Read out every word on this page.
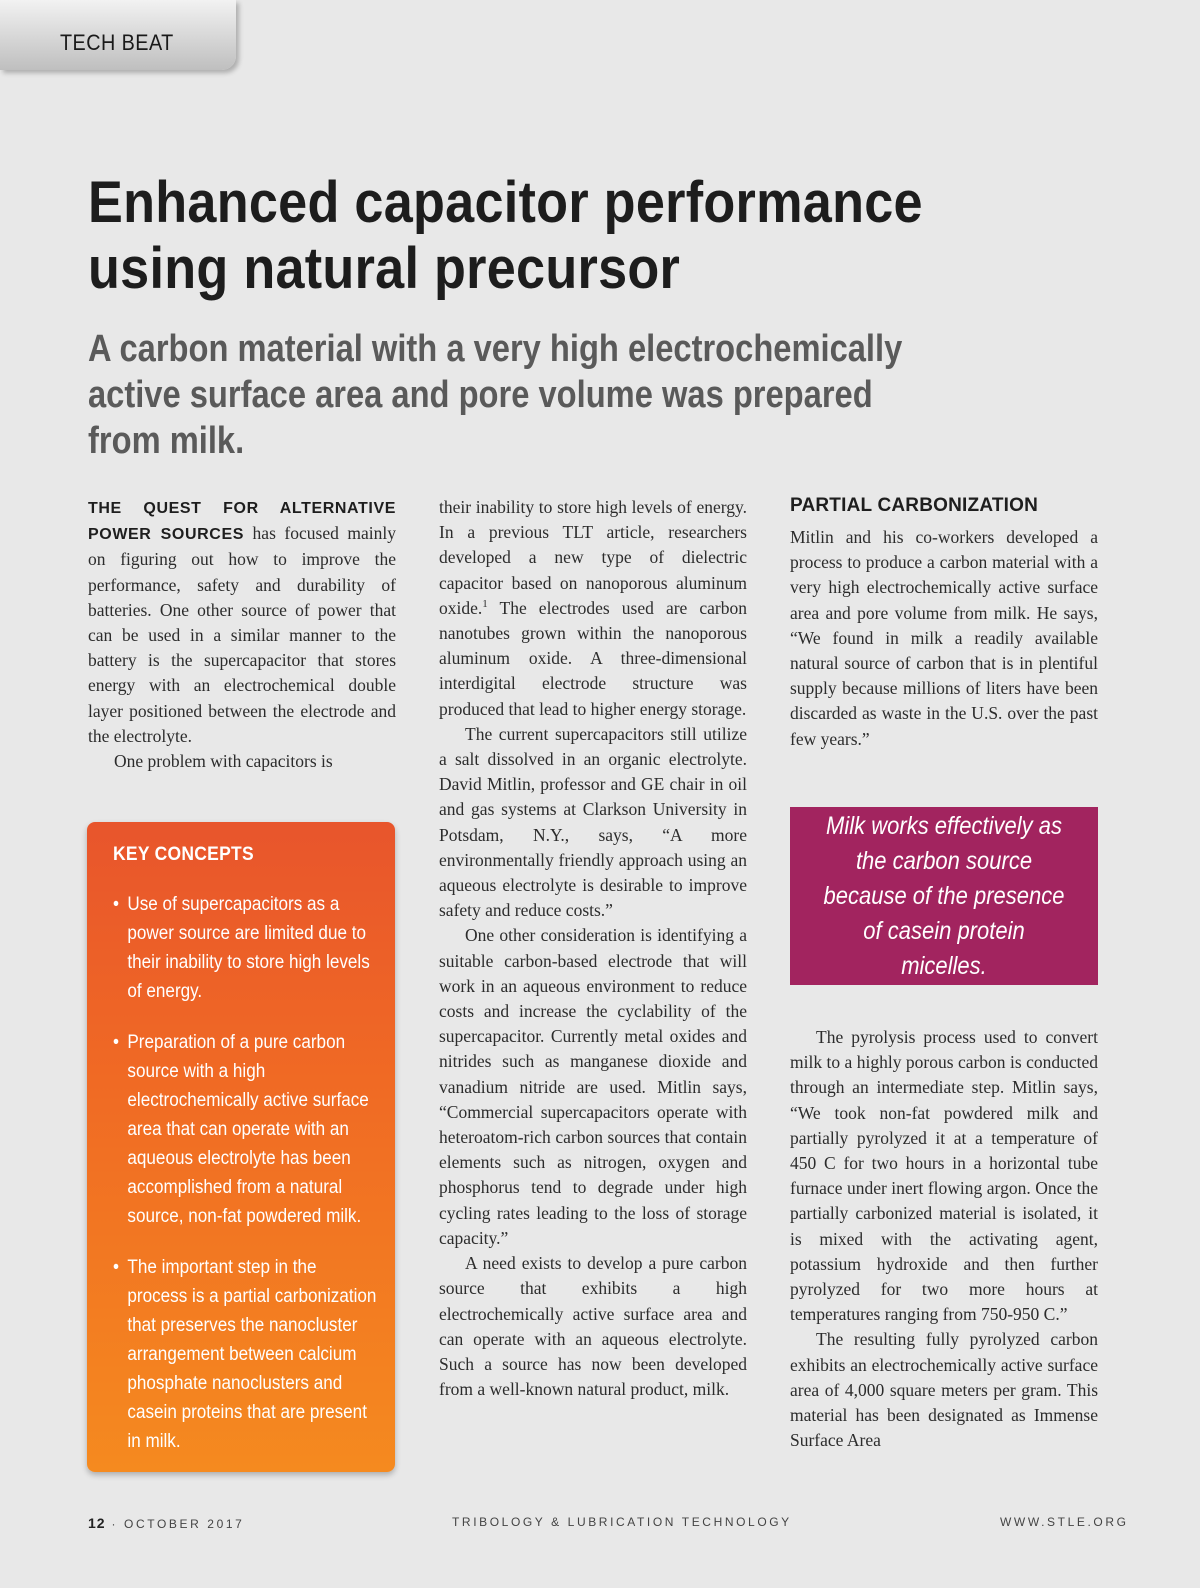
TECH BEAT
Enhanced capacitor performance using natural precursor
A carbon material with a very high electrochemically active surface area and pore volume was prepared from milk.

THE QUEST FOR ALTERNATIVE POWER SOURCES has focused mainly on figuring out how to improve the performance, safety and durability of batteries. One other source of power that can be used in a similar manner to the battery is the supercapacitor that stores energy with an electrochemical double layer positioned between the electrode and the electrolyte.

One problem with capacitors is

KEY CONCEPTS
• Use of supercapacitors as a power source are limited due to their inability to store high levels of energy.
• Preparation of a pure carbon source with a high electrochemically active surface area that can operate with an aqueous electrolyte has been accomplished from a natural source, non-fat powdered milk.
• The important step in the process is a partial carbonization that preserves the nanocluster arrangement between calcium phosphate nanoclusters and casein proteins that are present in milk.

their inability to store high levels of energy. In a previous TLT article, researchers developed a new type of dielectric capacitor based on nanoporous aluminum oxide.$^1$ The electrodes used are carbon nanotubes grown within the nanoporous aluminum oxide. A three-dimensional interdigital electrode structure was produced that lead to higher energy storage.

The current supercapacitors still utilize a salt dissolved in an organic electrolyte. David Mitlin, professor and GE chair in oil and gas systems at Clarkson University in Potsdam, N.Y., says, “A more environmentally friendly approach using an aqueous electrolyte is desirable to improve safety and reduce costs.”

One other consideration is identifying a suitable carbon-based electrode that will work in an aqueous environment to reduce costs and increase the cyclability of the supercapacitor. Currently metal oxides and nitrides such as manganese dioxide and vanadium nitride are used. Mitlin says, “Commercial supercapacitors operate with heteroatom-rich carbon sources that contain elements such as nitrogen, oxygen and phosphorus tend to degrade under high cycling rates leading to the loss of storage capacity.”

A need exists to develop a pure carbon source that exhibits a high electrochemically active surface area and can operate with an aqueous electrolyte. Such a source has now been developed from a well-known natural product, milk.

PARTIAL CARBONIZATION

Mitlin and his co-workers developed a process to produce a carbon material with a very high electrochemically active surface area and pore volume from milk. He says, “We found in milk a readily available natural source of carbon that is in plentiful supply because millions of liters have been discarded as waste in the U.S. over the past few years.”

Milk works effectively as the carbon source because of the presence of casein protein micelles.

The pyrolysis process used to convert milk to a highly porous carbon is conducted through an intermediate step. Mitlin says, “We took non-fat powdered milk and partially pyrolyzed it at a temperature of 450 C for two hours in a horizontal tube furnace under inert flowing argon. Once the partially carbonized material is isolated, it is mixed with the activating agent, potassium hydroxide and then further pyrolyzed for two more hours at temperatures ranging from 750-950 C.”

The resulting fully pyrolyzed carbon exhibits an electrochemically active surface area of 4,000 square meters per gram. This material has been designated as Immense Surface Area

12 · OCTOBER 2017	TRIBOLOGY & LUBRICATION TECHNOLOGY	WWW.STLE.ORG
